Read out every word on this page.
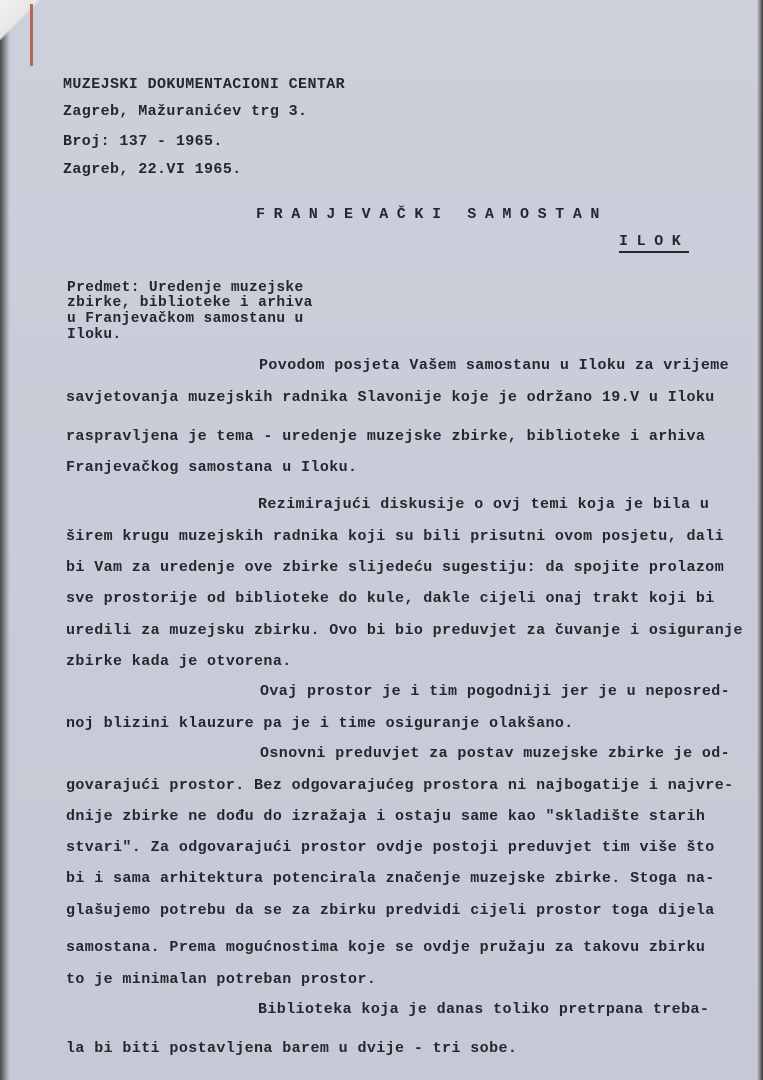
MUZEJSKI DOKUMENTACIONI CENTAR
Zagreb, Mažuranićev trg 3.
Broj: 137 - 1965.
Zagreb, 22.VI 1965.
FRANJEVAČKI SAMOSTAN
ILOK
Predmet: Uredenje muzejske
zbirke, biblioteke i arhiva
u Franjevačkom samostanu u
Iloku.
Povodom posjeta Vašem samostanu u Iloku za vrijeme
savjetovanja muzejskih radnika Slavonije koje je održano 19.V u Iloku
raspravljena je tema - uredenje muzejske zbirke, biblioteke i arhiva
Franjevačkog samostana u Iloku.
Rezimirajući diskusije o ovj temi koja je bila u
širem krugu muzejskih radnika koji su bili prisutni ovom posjetu, dali
bi Vam za uredenje ove zbirke slijedeću sugestiju: da spojite prolazom
sve prostorije od biblioteke do kule, dakle cijeli onaj trakt koji bi
uredili za muzejsku zbirku. Ovo bi bio preduvjet za čuvanje i osiguranje
zbirke kada je otvorena.
Ovaj prostor je i tim pogodniji jer je u neposred-
noj blizini klauzure pa je i time osiguranje olakšano.
Osnovni preduvjet za postav muzejske zbirke je od-
govarajući prostor. Bez odgovarajućeg prostora ni najbogatije i najvre-
dnije zbirke ne dođu do izražaja i ostaju same kao "skladište starih
stvari". Za odgovarajući prostor ovdje postoji preduvjet tim više što
bi i sama arhitektura potencirala značenje muzejske zbirke. Stoga na-
glašujemo potrebu da se za zbirku predvidi cijeli prostor toga dijela
samostana. Prema mogućnostima koje se ovdje pružaju za takovu zbirku
to je minimalan potreban prostor.
Biblioteka koja je danas toliko pretrpana treba-
la bi biti postavljena barem u dvije - tri sobe.
